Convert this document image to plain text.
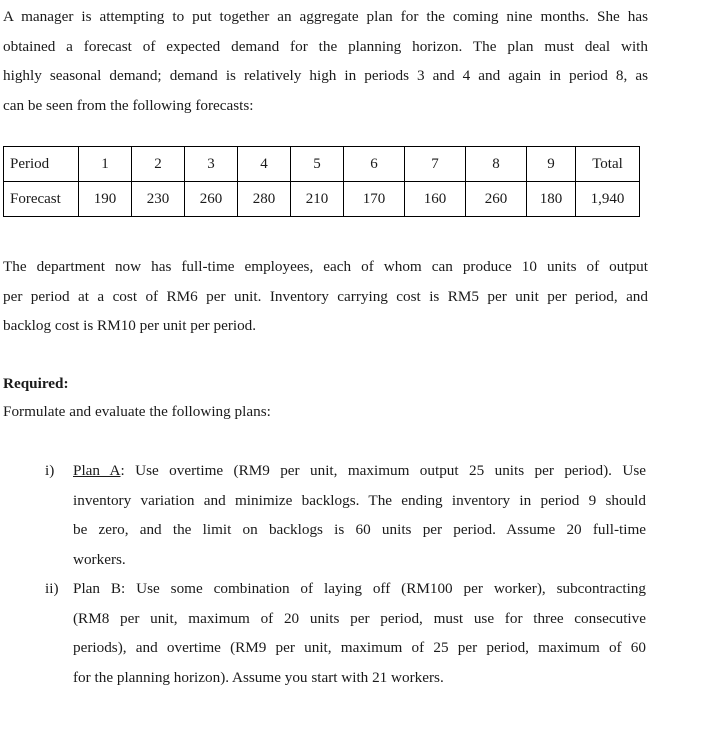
A manager is attempting to put together an aggregate plan for the coming nine months. She has
obtained a forecast of expected demand for the planning horizon. The plan must deal with
highly seasonal demand; demand is relatively high in periods 3 and 4 and again in period 8, as
can be seen from the following forecasts:
Period	1	2	3	4	5	6	7	8	9	Total
Forecast	190	230	260	280	210	170	160	260	180	1,940
The department now has full-time employees, each of whom can produce 10 units of output
per period at a cost of RM6 per unit. Inventory carrying cost is RM5 per unit per period, and
backlog cost is RM10 per unit per period.

Required:

Formulate and evaluate the following plans:

i) Plan A: Use overtime (RM9 per unit, maximum output 25 units per period). Use
inventory variation and minimize backlogs. The ending inventory in period 9 should
be zero, and the limit on backlogs is 60 units per period. Assume 20 full-time
workers.
ii) Plan B: Use some combination of laying off (RM100 per worker), subcontracting
(RM8 per unit, maximum of 20 units per period, must use for three consecutive
periods), and overtime (RM9 per unit, maximum of 25 per period, maximum of 60
for the planning horizon). Assume you start with 21 workers.
